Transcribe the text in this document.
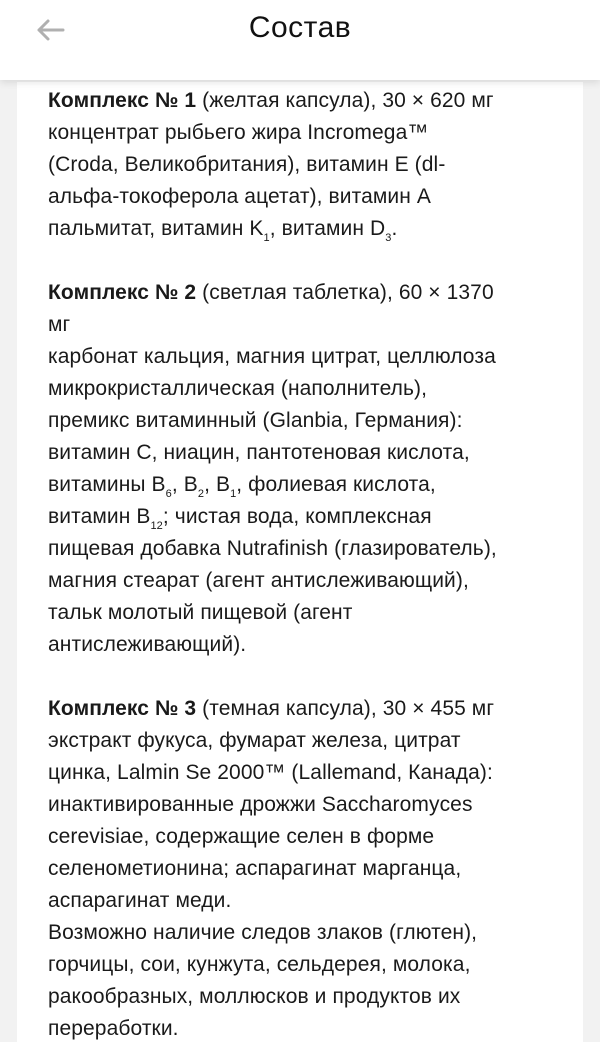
Состав
Комплекс № 1 (желтая капсула), 30 × 620 мг
концентрат рыбьего жира Incromega™
(Croda, Великобритания), витамин Е (dl-
альфа-токоферола ацетат), витамин А
пальмитат, витамин $K_1$, витамин $D_3$.
Комплекс № 2 (светлая таблетка), 60 × 1370
мг
карбонат кальция, магния цитрат, целлюлоза
микрокристаллическая (наполнитель),
премикс витаминный (Glanbia, Германия):
витамин С, ниацин, пантотеновая кислота,
витамины $В_6$, $В_2$, $В_1$, фолиевая кислота,
витамин $В_{12}$; чистая вода, комплексная
пищевая добавка Nutrafinish (глазирователь),
магния стеарат (агент антислеживающий),
тальк молотый пищевой (агент
антислеживающий).
Комплекс № 3 (темная капсула), 30 × 455 мг
экстракт фукуса, фумарат железа, цитрат
цинка, Lalmin Se 2000™ (Lallemand, Канада):
инактивированные дрожжи Saccharomyces
cerevisiae, содержащие селен в форме
селенометионина; аспарагинат марганца,
аспарагинат меди.
Возможно наличие следов злаков (глютен),
горчицы, сои, кунжута, сельдерея, молока,
ракообразных, моллюсков и продуктов их
переработки.
